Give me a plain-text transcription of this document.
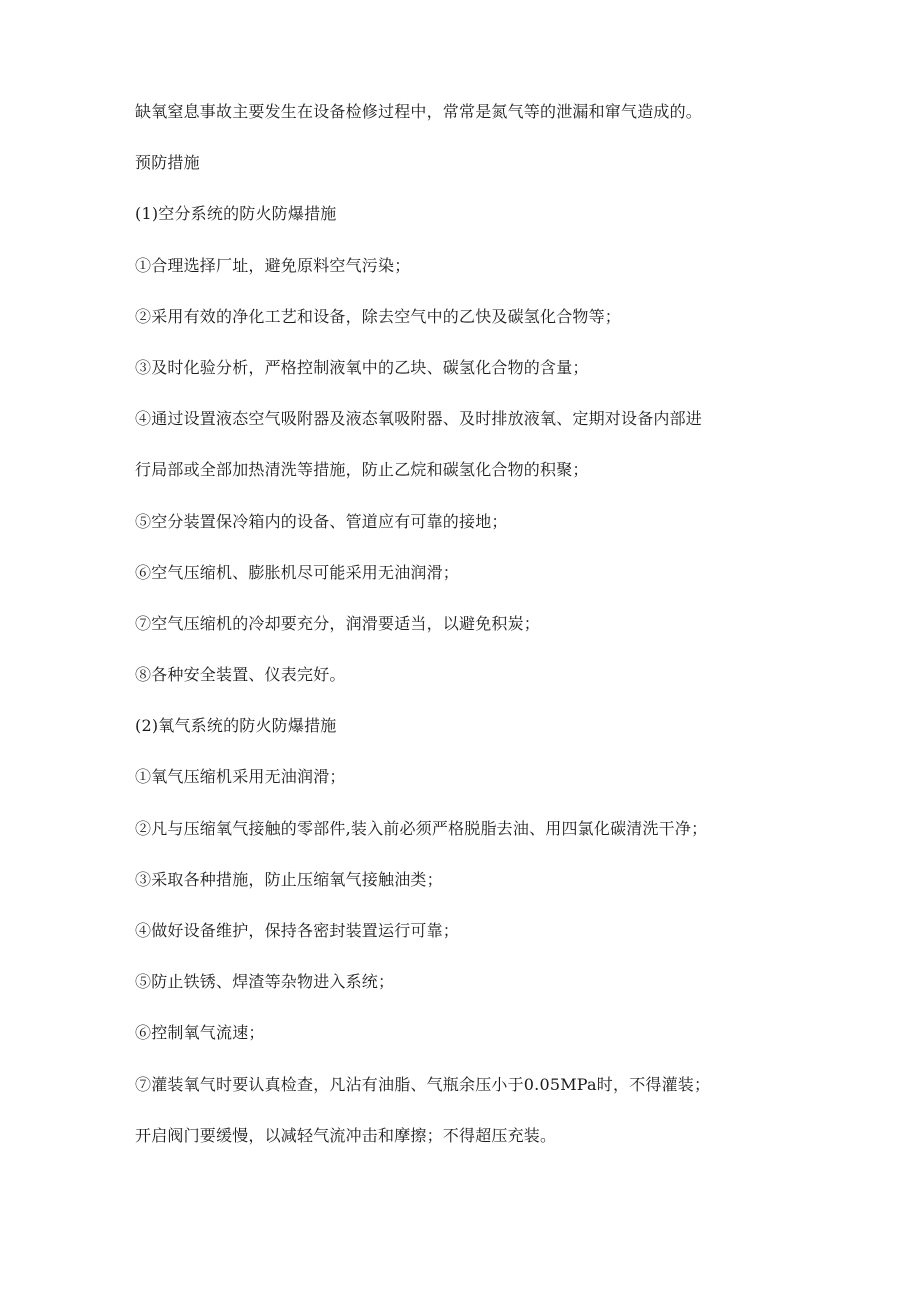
缺氧窒息事故主要发生在设备检修过程中，常常是氮气等的泄漏和窜气造成的。
预防措施
(1)空分系统的防火防爆措施
①合理选择厂址，避免原料空气污染；
②采用有效的净化工艺和设备，除去空气中的乙快及碳氢化合物等；
③及时化验分析，严格控制液氧中的乙块、碳氢化合物的含量；
④通过设置液态空气吸附器及液态氧吸附器、及时排放液氧、定期对设备内部进
行局部或全部加热清洗等措施，防止乙烷和碳氢化合物的积聚；
⑤空分装置保冷箱内的设备、管道应有可靠的接地；
⑥空气压缩机、膨胀机尽可能采用无油润滑；
⑦空气压缩机的冷却要充分，润滑要适当，以避免积炭；
⑧各种安全装置、仪表完好。
(2)氧气系统的防火防爆措施
①氧气压缩机采用无油润滑；
②凡与压缩氧气接触的零部件,装入前必须严格脱脂去油、用四氯化碳清洗干净；
③采取各种措施，防止压缩氧气接触油类；
④做好设备维护，保持各密封装置运行可靠；
⑤防止铁锈、焊渣等杂物进入系统；
⑥控制氧气流速；
⑦灌装氧气时要认真检查，凡沾有油脂、气瓶余压小于0.05MPa时，不得灌装；
开启阀门要缓慢，以减轻气流冲击和摩擦；不得超压充装。
